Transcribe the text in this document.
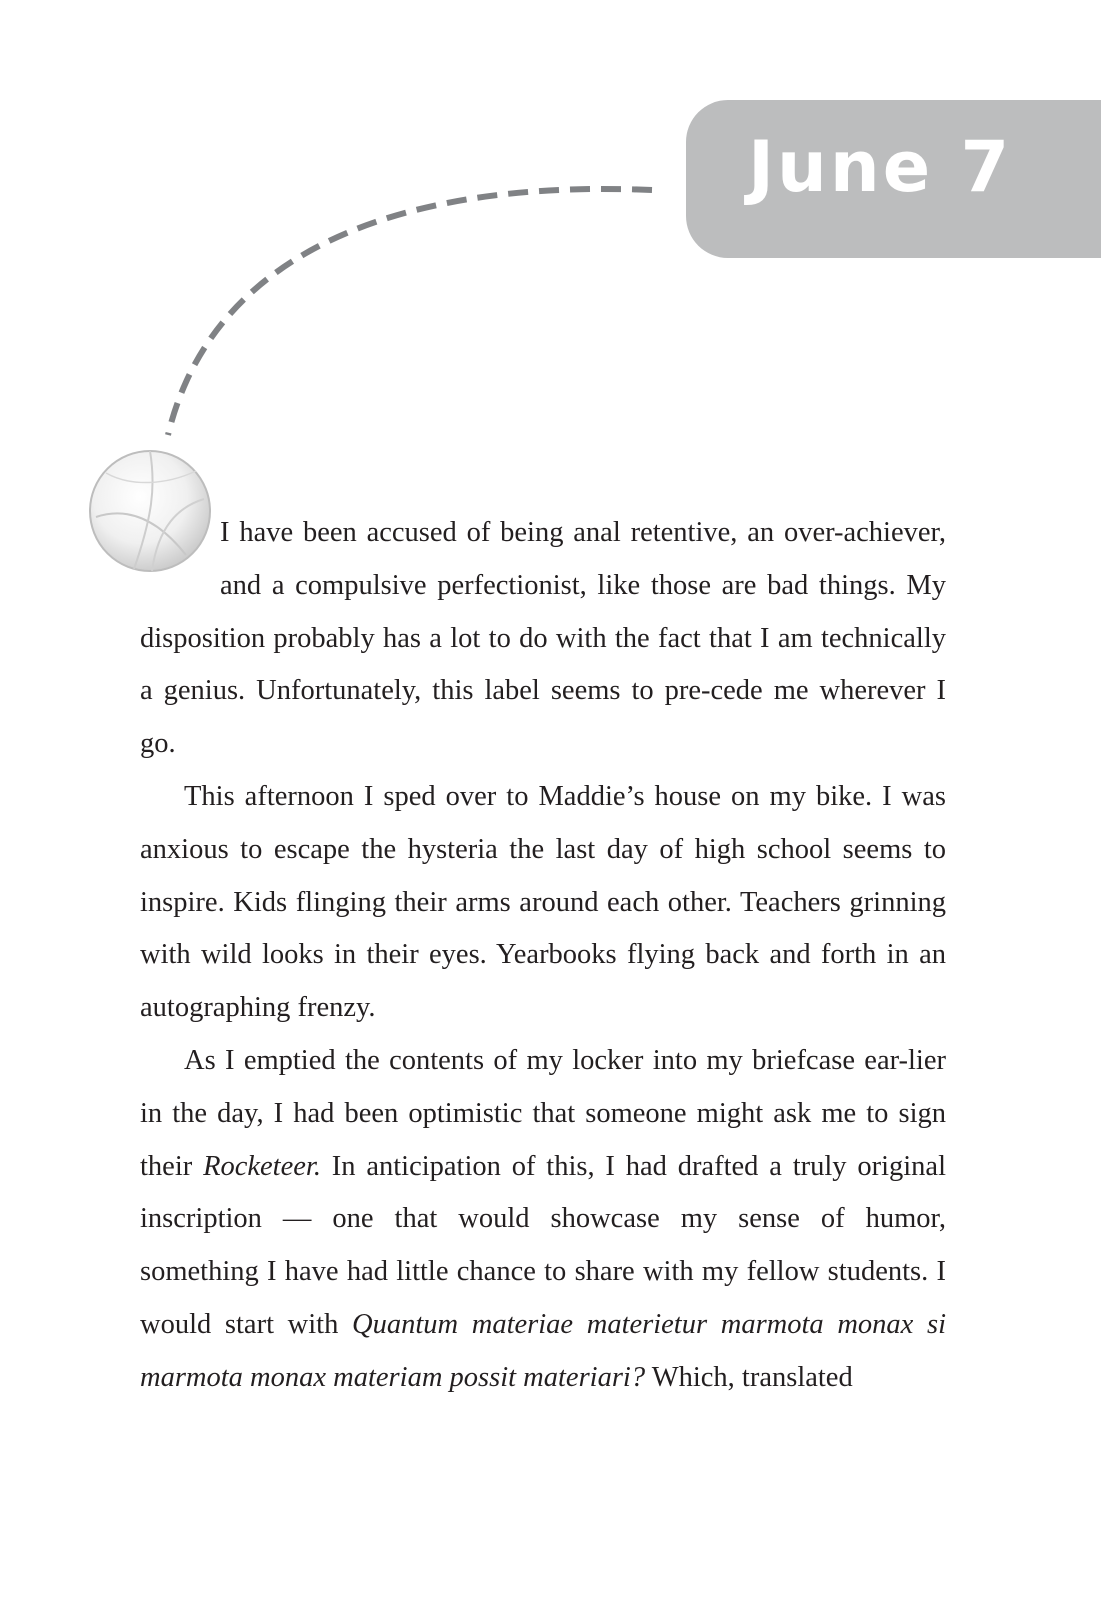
June 7

I have been accused of being anal retentive, an over-achiever, and a compulsive perfectionist, like those are bad things. My disposition probably has a lot to do with the fact that I am technically a genius. Unfortunately, this label seems to pre-cede me wherever I go.

This afternoon I sped over to Maddie’s house on my bike. I was anxious to escape the hysteria the last day of high school seems to inspire. Kids flinging their arms around each other. Teachers grinning with wild looks in their eyes. Yearbooks flying back and forth in an autographing frenzy.

As I emptied the contents of my locker into my briefcase ear-lier in the day, I had been optimistic that someone might ask me to sign their Rocketeer. In anticipation of this, I had drafted a truly original inscription — one that would showcase my sense of humor, something I have had little chance to share with my fellow students. I would start with Quantum materiae materietur marmota monax si marmota monax materiam possit materiari? Which, translated
